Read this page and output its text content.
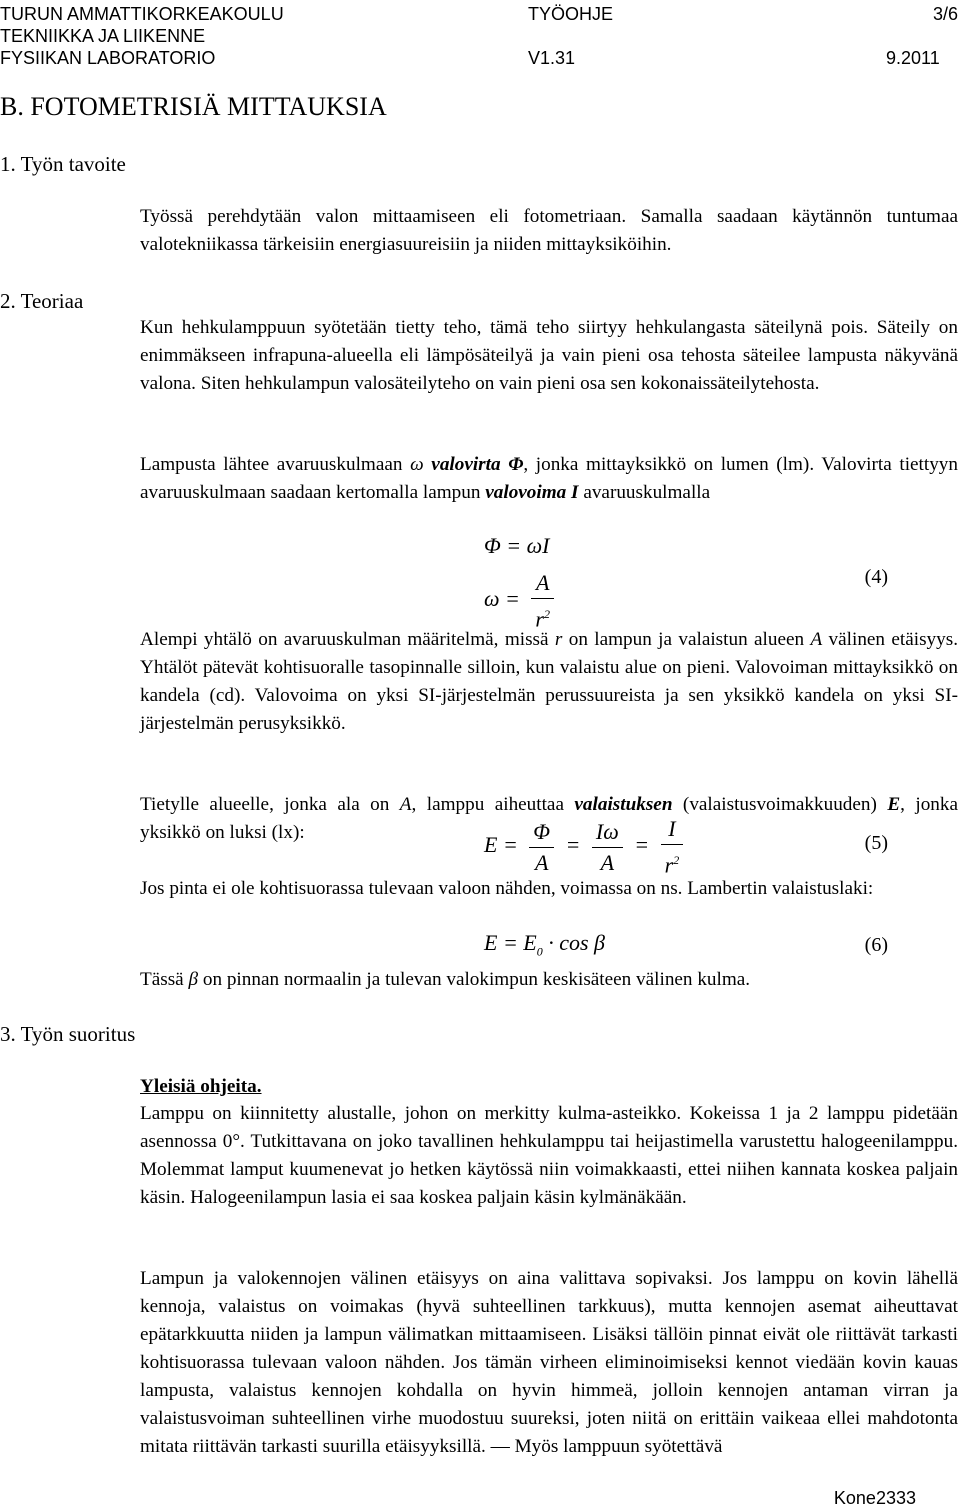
TURUN AMMATTIKORKEAKOULU
TEKNIIKKA JA LIIKENNE
FYSIIKAN LABORATORIO
TYÖOHJE	3/6
V1.31	9.2011
B. FOTOMETRISIÄ MITTAUKSIA
1. Työn tavoite
2. Teoriaa
3. Työn suoritus

Työssä perehdytään valon mittaamiseen eli fotometriaan. Samalla saadaan käytännön tuntumaa valotekniikassa tärkeisiin energiasuureisiin ja niiden mittayksiköihin.

Kun hehkulamppuun syötetään tietty teho, tämä teho siirtyy hehkulangasta säteilynä pois. Säteily on enimmäkseen infrapuna-alueella eli lämpösäteilyä ja vain pieni osa tehosta säteilee lampusta näkyvänä valona. Siten hehkulampun valosäteilyteho on vain pieni osa sen kokonaissäteilytehosta.

Lampusta lähtee avaruuskulmaan ω valovirta Φ, jonka mittayksikkö on lumen (lm). Valovirta tiettyyn avaruuskulmaan saadaan kertomalla lampun valovoima I avaruuskulmalla

Φ = ωI
$\omega = \frac{A}{r^2}$	(4)

Alempi yhtälö on avaruuskulman määritelmä, missä r on lampun ja valaistun alueen A välinen etäisyys. Yhtälöt pätevät kohtisuoralle tasopinnalle silloin, kun valaistu alue on pieni. Valovoiman mittayksikkö on kandela (cd). Valovoima on yksi SI-järjestelmän perussuureista ja sen yksikkö kandela on yksi SI-järjestelmän perusyksikkö.

Tietylle alueelle, jonka ala on A, lamppu aiheuttaa valaistuksen (valaistusvoimakkuuden) E, jonka yksikkö on luksi (lx):	$E = \frac{\Phi}{A} = \frac{I\omega}{A} = \frac{I}{r^2}$	(5)

Jos pinta ei ole kohtisuorassa tulevaan valoon nähden, voimassa on ns. Lambertin valaistuslaki:

$E = E_0 \cdot \cos \beta$	(6)

Tässä β on pinnan normaalin ja tulevan valokimpun keskisäteen välinen kulma.

Yleisiä ohjeita.

Lamppu on kiinnitetty alustalle, johon on merkitty kulma-asteikko. Kokeissa 1 ja 2 lamppu pidetään asennossa 0°. Tutkittavana on joko tavallinen hehkulamppu tai heijastimella varustettu halogeenilamppu. Molemmat lamput kuumenevat jo hetken käytössä niin voimakkaasti, ettei niihen kannata koskea paljain käsin. Halogeenilampun lasia ei saa koskea paljain käsin kylmänäkään.

Lampun ja valokennojen välinen etäisyys on aina valittava sopivaksi. Jos lamppu on kovin lähellä kennoja, valaistus on voimakas (hyvä suhteellinen tarkkuus), mutta kennojen asemat aiheuttavat epätarkkuutta niiden ja lampun välimatkan mittaamiseen. Lisäksi tällöin pinnat eivät ole riittävät tarkasti kohtisuorassa tulevaan valoon nähden. Jos tämän virheen eliminoimiseksi kennot viedään kovin kauas lampusta, valaistus kennojen kohdalla on hyvin himmeä, jolloin kennojen antaman virran ja valaistusvoiman suhteellinen virhe muodostuu suureksi, joten niitä on erittäin vaikeaa ellei mahdotonta mitata riittävän tarkasti suurilla etäisyyksillä. — Myös lamppuun syötettävä

Kone2333
